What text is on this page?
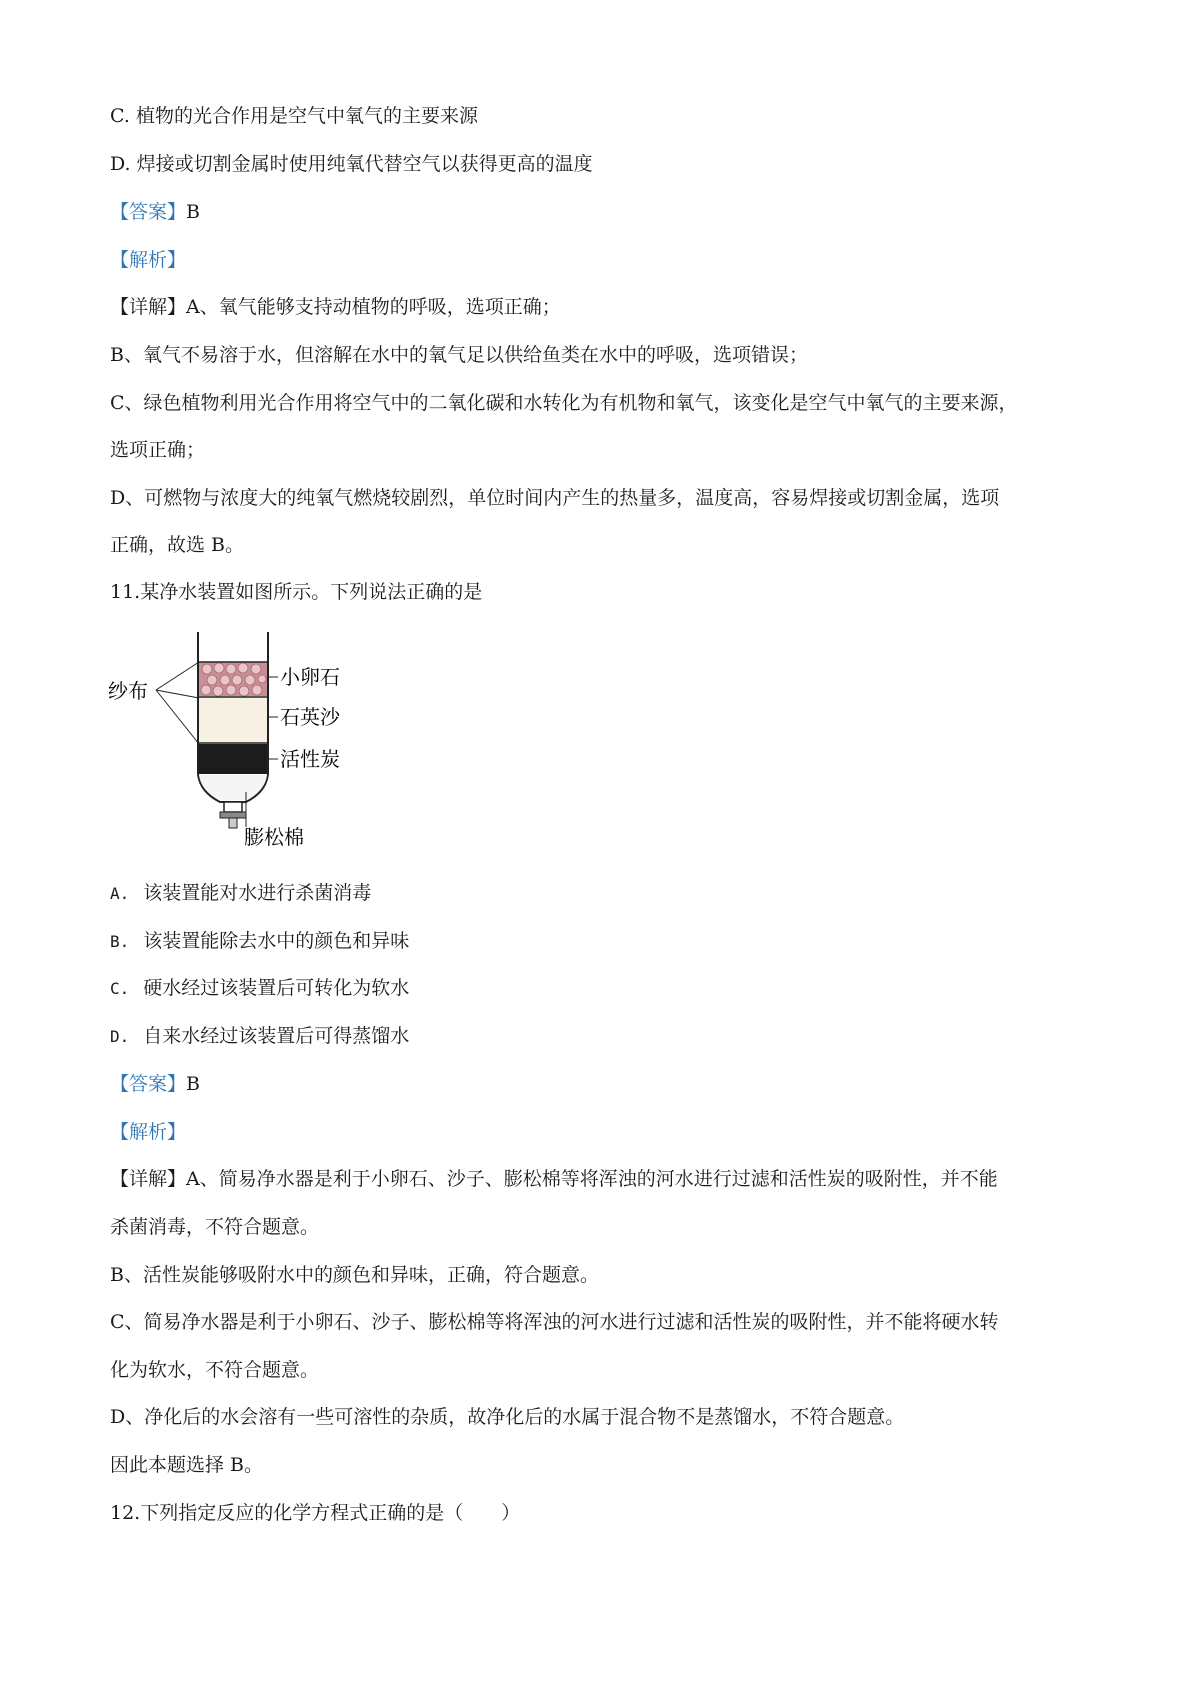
C. 植物的光合作用是空气中氧气的主要来源
D. 焊接或切割金属时使用纯氧代替空气以获得更高的温度
【答案】B
【解析】
【详解】A、氧气能够支持动植物的呼吸，选项正确；
B、氧气不易溶于水，但溶解在水中的氧气足以供给鱼类在水中的呼吸，选项错误；
C、绿色植物利用光合作用将空气中的二氧化碳和水转化为有机物和氧气，该变化是空气中氧气的主要来源，
选项正确；
D、可燃物与浓度大的纯氧气燃烧较剧烈，单位时间内产生的热量多，温度高，容易焊接或切割金属，选项
正确，故选 B。
11.某净水装置如图所示。下列说法正确的是
纱布
小卵石
石英沙
活性炭
膨松棉
A. 该装置能对水进行杀菌消毒
B. 该装置能除去水中的颜色和异味
C. 硬水经过该装置后可转化为软水
D. 自来水经过该装置后可得蒸馏水
【答案】B
【解析】
【详解】A、简易净水器是利于小卵石、沙子、膨松棉等将浑浊的河水进行过滤和活性炭的吸附性，并不能
杀菌消毒，不符合题意。
B、活性炭能够吸附水中的颜色和异味，正确，符合题意。
C、简易净水器是利于小卵石、沙子、膨松棉等将浑浊的河水进行过滤和活性炭的吸附性，并不能将硬水转
化为软水，不符合题意。
D、净化后的水会溶有一些可溶性的杂质，故净化后的水属于混合物不是蒸馏水，不符合题意。
因此本题选择 B。
12.下列指定反应的化学方程式正确的是（　　）
